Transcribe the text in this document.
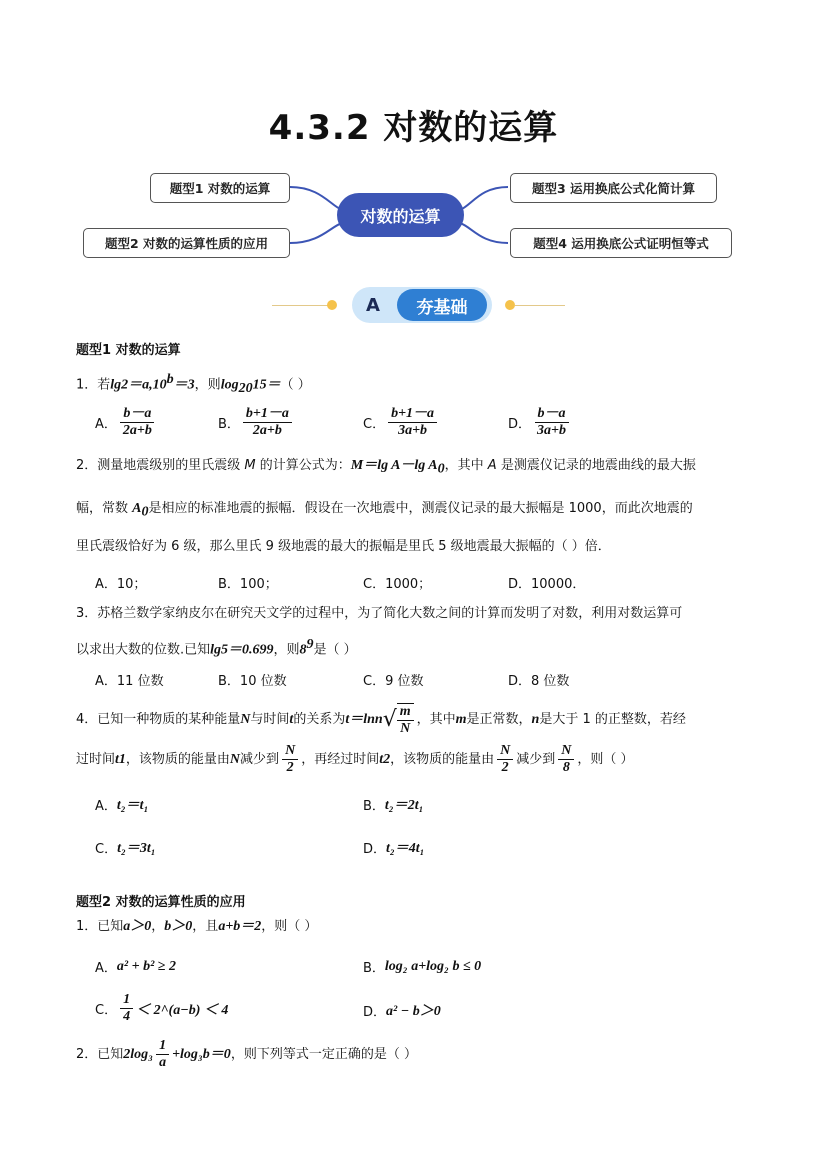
4.3.2 对数的运算
题型1 对数的运算
题型2 对数的运算性质的应用
对数的运算
题型3 运用换底公式化简计算
题型4 运用换底公式证明恒等式
A	夯基础
题型1 对数的运算
1．若lg2＝a,10$^b$＝3，则$\log_{20}15=$（ ）
A． $\frac{b-a}{2a+b}$	B． $\frac{b+1-a}{2a+b}$	C． $\frac{b+1-a}{3a+b}$	D． $\frac{b-a}{3a+b}$
2．测量地震级别的里氏震级 M 的计算公式为：M＝lg A－lg $A_0$，其中 A 是测震仪记录的地震曲线的最大振
幅，常数 $A_0$是相应的标准地震的振幅．假设在一次地震中，测震仪记录的最大振幅是 1000，而此次地震的
里氏震级恰好为 6 级，那么里氏 9 级地震的最大的振幅是里氏 5 级地震最大振幅的（ ）倍．
A．10；	B．100；	C．1000；	D．10000．
3．苏格兰数学家纳皮尔在研究天文学的过程中，为了简化大数之间的计算而发明了对数，利用对数运算可
以求出大数的位数.已知lg5＝0.699，则$8^9$是（ ）
A．11 位数	B．10 位数	C．9 位数	D．8 位数
4．已知一种物质的某种能量 N 与时间 t 的关系为 t＝ln n √ $\frac{m}{N}$ ，其中 m 是正常数， n 是大于 1 的正整数，若经
过时间 t 1 ，该物质的能量由 N 减少到 $\frac{N}{2}$ ，再经过时间 t 2 ，该物质的能量由 $\frac{N}{2}$ 减少到 $\frac{N}{8}$ ，则（ ）
A． t₂＝t₁	B． t₂＝2t₁
C． t₂＝3t₁	D． t₂＝4t₁
题型2 对数的运算性质的应用
1．已知a＞0，b＞0，且a+b＝2，则（ ）
A． a² + b² ≥ 2	B． log₂ a+log₂ b ≤ 0
C． $\frac{1}{4}$ ＜ 2^(a−b) ＜ 4	D． a² − b＞0
2．已知 $2\log_3 \frac{1}{a} +\log_3b=0$ ，则下列等式一定正确的是（ ）
